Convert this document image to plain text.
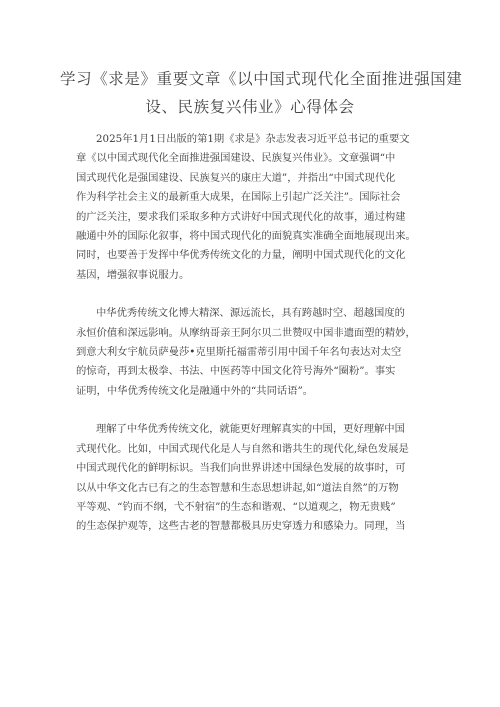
学习《求是》重要文章《以中国式现代化全面推进强国建
设、民族复兴伟业》心得体会

2025年1月1日出版的第1期《求是》杂志发表习近平总书记的重要文
章《以中国式现代化全面推进强国建设、民族复兴伟业》。文章强调“中
国式现代化是强国建设、民族复兴的康庄大道”，并指出“中国式现代化
作为科学社会主义的最新重大成果，在国际上引起广泛关注”。国际社会
的广泛关注，要求我们采取多种方式讲好中国式现代化的故事，通过构建
融通中外的国际化叙事，将中国式现代化的面貌真实准确全面地展现出来。
同时，也要善于发挥中华优秀传统文化的力量，阐明中国式现代化的文化
基因，增强叙事说服力。

中华优秀传统文化博大精深、源远流长，具有跨越时空、超越国度的
永恒价值和深远影响。从摩纳哥亲王阿尔贝二世赞叹中国非遗面塑的精妙，
到意大利女宇航员萨曼莎•克里斯托福雷蒂引用中国千年名句表达对太空
的惊奇，再到太极拳、书法、中医药等中国文化符号海外“圈粉”。事实
证明，中华优秀传统文化是融通中外的“共同话语”。

理解了中华优秀传统文化，就能更好理解真实的中国，更好理解中国
式现代化。比如，中国式现代化是人与自然和谐共生的现代化,绿色发展是
中国式现代化的鲜明标识。当我们向世界讲述中国绿色发展的故事时，可
以从中华文化古已有之的生态智慧和生态思想讲起,如“道法自然”的万物
平等观、“钓而不纲，弋不射宿”的生态和谐观、“以道观之，物无贵贱”
的生态保护观等，这些古老的智慧都极具历史穿透力和感染力。同理，当
